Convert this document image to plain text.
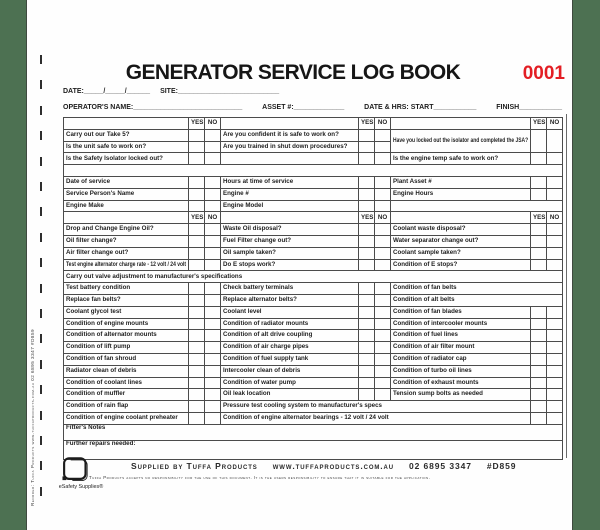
Reorder: Tuffa Products www.tuffaproducts.com.au 02 6895 3347 #D859
GENERATOR SERVICE LOG BOOK	0001
DATE: _____/_____/______ SITE: __________________________
OPERATOR'S NAME: ____________________________	ASSET #: _____________	DATE & HRS: START ___________	FINISH ___________
	YES	NO		YES	NO		YES	NO
Carry out our Take 5?			Are you confident it is safe to work on?			Have you locked out the isolator and completed the JSA?		
Is the unit safe to work on?			Are you trained in shut down procedures?					
Is the Safety Isolator locked out?						Is the engine temp safe to work on?		

Date of service			Hours at time of service			Plant Asset #		
Service Person's Name			Engine #			Engine Hours		
Engine Make			Engine Model					
	YES	NO		YES	NO		YES	NO
Drop and Change Engine Oil?			Waste Oil disposal?			Coolant waste disposal?		
Oil filter change?			Fuel Filter change out?			Water separator change out?		
Air filter change out?			Oil sample taken?			Coolant sample taken?		
Test engine alternator charge rate - 12 volt / 24 volt			Do E stops work?			Condition of E stops?		
Carry out valve adjustment to manufacturer's specifications								
Test battery condition			Check battery terminals			Condition of fan belts		
Replace fan belts?			Replace alternator belts?			Condition of alt belts		
Coolant glycol test			Coolant level			Condition of fan blades		
Condition of engine mounts			Condition of radiator mounts			Condition of intercooler mounts		
Condition of alternator mounts			Condition of alt drive coupling			Condition of fuel lines		
Condition of lift pump			Condition of air charge pipes			Condition of air filter mount		
Condition of fan shroud			Condition of fuel supply tank			Condition of radiator cap		
Radiator clean of debris			Intercooler clean of debris			Condition of turbo oil lines		
Condition of coolant lines			Condition of water pump			Condition of exhaust mounts		
Condition of muffler			Oil leak location			Tension sump bolts as needed		
Condition of rain flap			Pressure test cooling system to manufacturer's specs					
Condition of engine coolant preheater			Condition of engine alternator bearings - 12 volt / 24 volt					
Fitter's Notes								
Further repairs needed:								
eSafety Supplies®
Supplied by Tuffa Products www.tuffaproducts.com.au 02 6895 3347 #D859
Tuffa Products accepts no responsibility for the use of this document. It is the users responsibility to ensure that it is suitable for the application.
